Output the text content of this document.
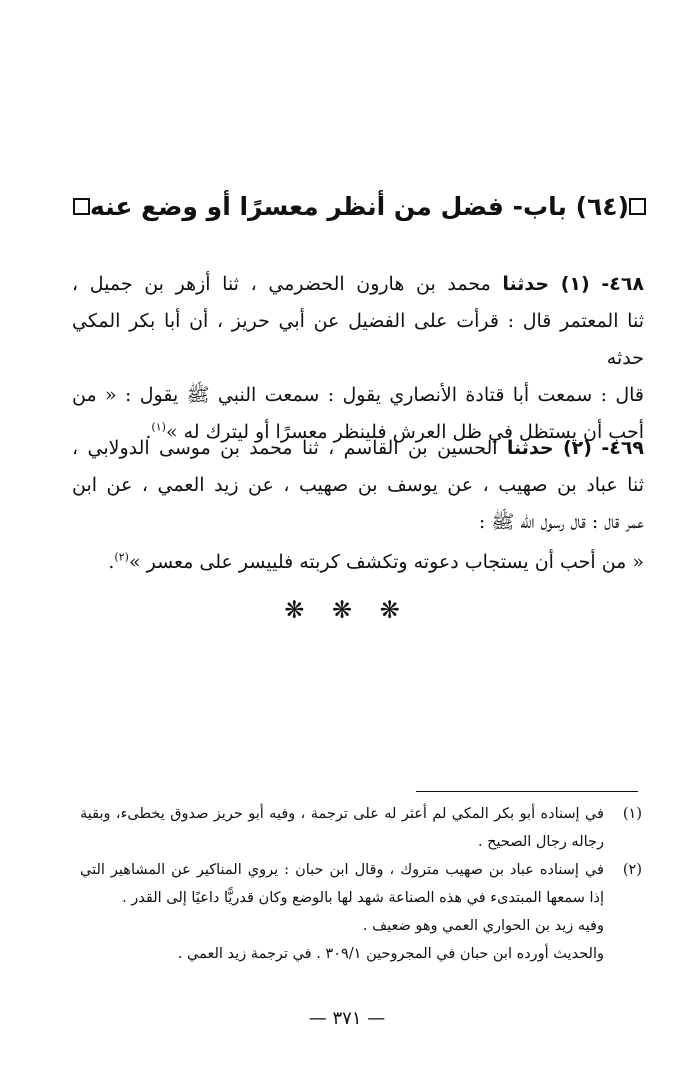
(٦٤) باب- فضل من أنظر معسرًا أو وضع عنه
٤٦٨- (١) حدثنا محمد بن هارون الحضرمي ، ثنا أزهر بن جميل ،
ثنا المعتمر قال : قرأت على الفضيل عن أبي حريز ، أن أبا بكر المكي حدثه
قال : سمعت أبا قتادة الأنصاري يقول : سمعت النبي ﷺ يقول : « من
أحب أن يستظل في ظل العرش فلينظر معسرًا أو ليترك له »$^{(١)}$.
٤٦٩- (٢) حدثنا الحسين بن القاسم ، ثنا محمد بن موسى الدولابي ،
ثنا عباد بن صهيب ، عن يوسف بن صهيب ، عن زيد العمي ، عن ابن
عمر قال : قال رسول الله ﷺ :
« من أحب أن يستجاب دعوته وتكشف كربته فلييسر على معسر »$^{(٢)}$.
❋ ❋ ❋
(١)
في إسناده أبو بكر المكي لم أعثر له على ترجمة ، وفيه أبو حريز صدوق يخطىء، وبقية
رجاله رجال الصحيح .
(٢)
في إسناده عباد بن صهيب متروك ، وقال ابن حبان : يروي المناكير عن المشاهير التي
إذا سمعها المبتدىء في هذه الصناعة شهد لها بالوضع وكان قدريًّا داعيًا إلى القدر .
وفيه زيد بن الحواري العمي وهو ضعيف .
والحديث أورده ابن حبان في المجروحين ٣٠٩/١ . في ترجمة زيد العمي .
— ٣٧١ —
